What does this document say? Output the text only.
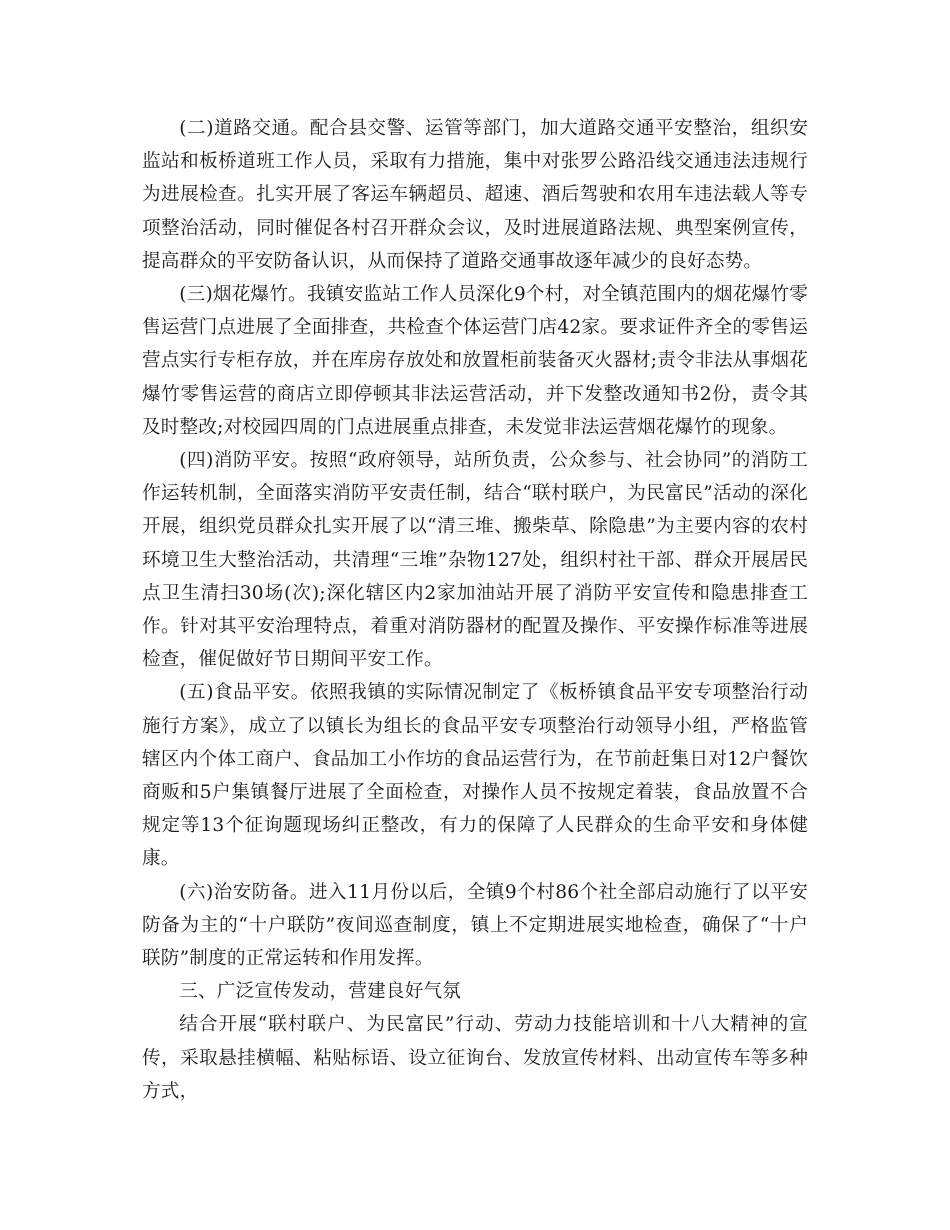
(二)道路交通。配合县交警、运管等部门，加大道路交通平安整治，组织安监站和板桥道班工作人员，采取有力措施，集中对张罗公路沿线交通违法违规行为进展检查。扎实开展了客运车辆超员、超速、酒后驾驶和农用车违法载人等专项整治活动，同时催促各村召开群众会议，及时进展道路法规、典型案例宣传，提高群众的平安防备认识，从而保持了道路交通事故逐年减少的良好态势。

(三)烟花爆竹。我镇安监站工作人员深化9个村，对全镇范围内的烟花爆竹零售运营门点进展了全面排查，共检查个体运营门店42家。要求证件齐全的零售运营点实行专柜存放，并在库房存放处和放置柜前装备灭火器材;责令非法从事烟花爆竹零售运营的商店立即停顿其非法运营活动，并下发整改通知书2份，责令其及时整改;对校园四周的门点进展重点排查，未发觉非法运营烟花爆竹的现象。

(四)消防平安。按照“政府领导，站所负责，公众参与、社会协同”的消防工作运转机制，全面落实消防平安责任制，结合“联村联户，为民富民”活动的深化开展，组织党员群众扎实开展了以“清三堆、搬柴草、除隐患”为主要内容的农村环境卫生大整治活动，共清理“三堆”杂物127处，组织村社干部、群众开展居民点卫生清扫30场(次);深化辖区内2家加油站开展了消防平安宣传和隐患排查工作。针对其平安治理特点，着重对消防器材的配置及操作、平安操作标准等进展检查，催促做好节日期间平安工作。

(五)食品平安。依照我镇的实际情况制定了《板桥镇食品平安专项整治行动施行方案》，成立了以镇长为组长的食品平安专项整治行动领导小组，严格监管辖区内个体工商户、食品加工小作坊的食品运营行为，在节前赶集日对12户餐饮商贩和5户集镇餐厅进展了全面检查，对操作人员不按规定着装，食品放置不合规定等13个征询题现场纠正整改，有力的保障了人民群众的生命平安和身体健康。

(六)治安防备。进入11月份以后，全镇9个村86个社全部启动施行了以平安防备为主的“十户联防”夜间巡查制度，镇上不定期进展实地检查，确保了“十户联防”制度的正常运转和作用发挥。

三、广泛宣传发动，营建良好气氛

结合开展“联村联户、为民富民”行动、劳动力技能培训和十八大精神的宣传，采取悬挂横幅、粘贴标语、设立征询台、发放宣传材料、出动宣传车等多种方式，
